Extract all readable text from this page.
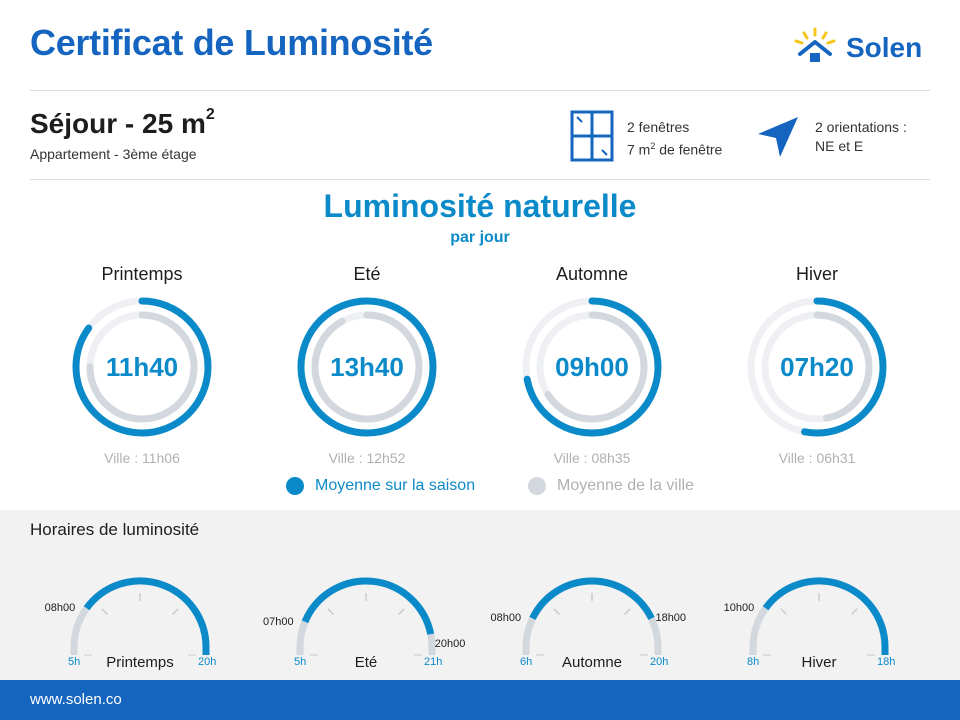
Certificat de Luminosité	Solen
Séjour - 25 $m^2$
Appartement - 3ème étage
2 fenêtres
7 $m^2$ de fenêtre
2 orientations :
NE et E
Luminosité naturelle
par jour
Printemps
11h40
Ville : 11h06
Eté
13h40
Ville : 12h52
Automne
09h00
Ville : 08h35
Hiver
07h20
Ville : 06h31
Moyenne sur la saison	Moyenne de la ville
Horaires de luminosité
08h00
5h	20h
Printemps
07h00
20h00
5h	21h
Eté
08h00	18h00
6h	20h
Automne
10h00
8h	18h
Hiver
www.solen.co
